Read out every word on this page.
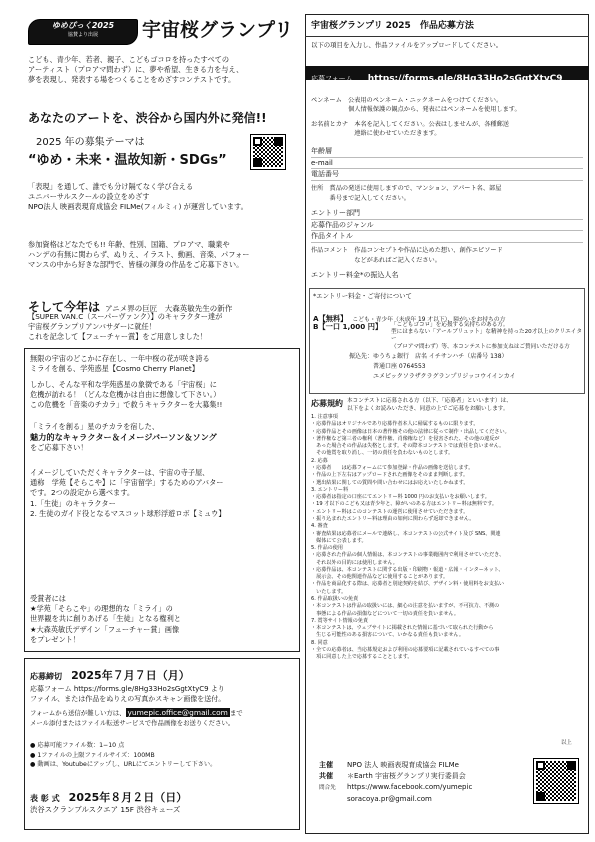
ゆめぴっく2025
協賛より出展	宇宙桜グランプリ

こども、青少年、若者、親子、こどもゴコロを持ったすべての
アーティスト（プロアマ問わず）に、夢や希望、生きる力を与え、
夢を表現し、発表する場をつくることをめざすコンテストです。

あなたのアートを、渋谷から国内外に発信!!
2025 年の募集テーマは
“ゆめ・未来・温故知新・SDGs”

「表現」を通して、誰でも分け隔てなく学び合える
ユニバーサルスクールの設立をめざす
NPO法人 映画表現育成協会 FILMe(フィルミィ) が運営しています。

参加資格はどなたでも!! 年齢、性別、国籍、プロアマ、職業や
ハンデの有無に関わらず、ぬりえ、イラスト、動画、音楽、パフォー
マンスの中から好きな部門で、皆様の渾身の作品をご応募下さい。

そして今年は アニメ界の巨匠　大森英敏先生の新作

【SUPER VAN.C（スーパーヴァンク）】のキャラクター達が
宇宙桜グランプリアンバサダーに就任！
これを記念して【フューチャー賞】をご用意しました！

無限の宇宙のどこかに存在し、一年中桜の花が咲き誇る
ミライを創る、学苑惑星【Cosmo Cherry Planet】

しかし、そんな平和な学苑惑星の象徴である「宇宙桜」に
危機が訪れる！（どんな危機かは自由に想像して下さい。）
この危機を「音楽のチカラ」で救うキャラクターを大募集!!

「ミライを創る」星のチカラを宿した、

魅力的なキャラクター＆イメージバーソン＆ソング

をご応募下さい！

イメージしていただくキャラクターは、宇宙の寺子屋、
通称　学苑【そらこや】に「宇宙留学」するためのアバター
です。2つの設定から選べます。
1.「生徒」のキャラクター
2. 生徒のガイド役となるマスコット球形浮遊ロボ【ミュウ】

受賞者には
★学苑「そらこや」の理想的な「ミライ」の
世界観を共に創りあげる「生徒」となる権利と
★大森英敏氏デザイン「フューチャー賞」画像
をプレゼント！

応募締切 2025年７月７日（月）

応募フォーム https://forms.gle/8Hg33Ho2sGgtXtyC9 より
ファイル、または作品をぬりえの写真かスキャン画像を送付。

フォームから送信が難しい方は、 yumepic.office@gmail.com まで
メール添付またはファイル転送サービスで作品画像をお送りください。

● 応募可能ファイル数：1−10 点
● 1ファイルの上限ファイルサイズ：100MB
● 動画は、Youtubeにアップし、URLにてエントリーして下さい。

表 彰 式 2025年８月２日（日）
渋谷スクランブルスクエア 15F 渋谷キューズ
宇宙桜グランプリ 2025　作品応募方法
以下の項目を入力し、作品ファイルをアップロードしてください。
応募フォーム https://forms.gle/8Hg33Ho2sGgtXtyC9

ペンネーム　公表用のペンネーム・ニックネームをつけてください。
　　　　　　個人情報保護の観点から、発表にはペンネームを使用します。

お名前とカナ　本名を記入してください。公表はしませんが、各種郵送
　　　　　　　連絡に使わせていただきます。

年齢層
e-mail
電話番号

住所　賞品の発送に使用しますので、マンション、アパート名、部屋
　　　番号まで記入してください。

エントリー部門
応募作品のジャンル
作品タイトル

作品コメント　作品コンセプトや作品に込めた想い、創作エピソード
　　　　　　　などがあればご記入ください。

エントリー料金*の振込人名
*エントリー料金・ご寄付について
A【無料】 こども・青少年（未成年 19 才以下）、障がいをお持ちの方
B【一口 1,000 円】 「こどもゴコロ」を応援する気持ちのある方。
型にはまらない「アールブリュット」な精神を持った20才以上のクリエイター
（プロアマ問わず）等、本コンテストに参加支ねはご賛同いただける方

振込先：ゆうちょ銀行　店名 イチサンハチ（店番号 138）
　　　　普通口座 0764553
　　　　ユメピックソラザクラグランプリジッコウイインカイ

応募規約 本コンテストに応募される方（以下、「応募者」といいます）は、
以下をよくお読みいただき、同意の上でご応募をお願いします。

1. 注意事項
・応募作品はオリジナルであり応募作者本人に帰属するものに限ります。
・応募作品とその画像は日本の著作権その他の法律に従って制作・出品してください。
・著作権など第三者の権利（著作権、肖像権など）を侵害された、その他の違反が
　あった場合その作品は失格とします。その際本コンテストでは責任を負いません。
　その他賞を取り消し、一切の責任を負わないものとします。
2. 応募
・応募者　　は応募フォームにて参加登録・作品の画像を送信します。
・作品の上下左右はアップロードされた画像をそのまま判断します。
・選出結果に関しての質問や問い合わせにはお応えいたしかねます。
3. エントリー料
・応募者は指定の口座にてエントリー料 1000 円のお支払いをお願いします。
・19 才以下のこども又は青少年と、障がいのある方はエントリー料は無料です。
・エントリー料はこのコンテストの運営に使用させていただきます。
・振り込まれたエントリー料は理由の如何に関わらず返却できません。
4. 審査
・審査結果は応募者にメールで連絡し、本コンテストの公式サイト及び SNS、関連
　媒体にて公表します。
5. 作品の使用
・応募された作品の個人情報は、本コンテストの事業範囲内で利用させていただき、
　それ以外の目的には使用しません。
・応募作品は、本コンテストに関する出版・印刷物・報道・広報・インターネット、
　展示会、その他関連作品などに使用することがあります。
・作品を商品化する際は、応募者と別途契約を結び、デザイン料・使用料をお支払い
　いたします。
6. 作品取扱いの免責
・本コンテストは作品の取扱いには、細心の注意を払いますが、不可抗力、不測の
　事態による作品の損傷などについて一切の責任を負いません。
7. 賞等サイト情報の免責
・本コンテストは、ウェブサイトに掲載された情報に基づいて取られた行動から
　生じる可能性のある損害について、いかなる責任も負いません。
8. 同意
・全ての応募者は、当応募規定および利用の応募要項に記載されているすべての事
　項に同意した上で応募することとします。

以上
主催 NPO 法人 映画表現育成協会 FILMe
共催 ＊Earth 宇宙桜グランプリ実行委員会
問合先 https://www.facebook.com/yumepic
soracoya.pr@gmail.com
